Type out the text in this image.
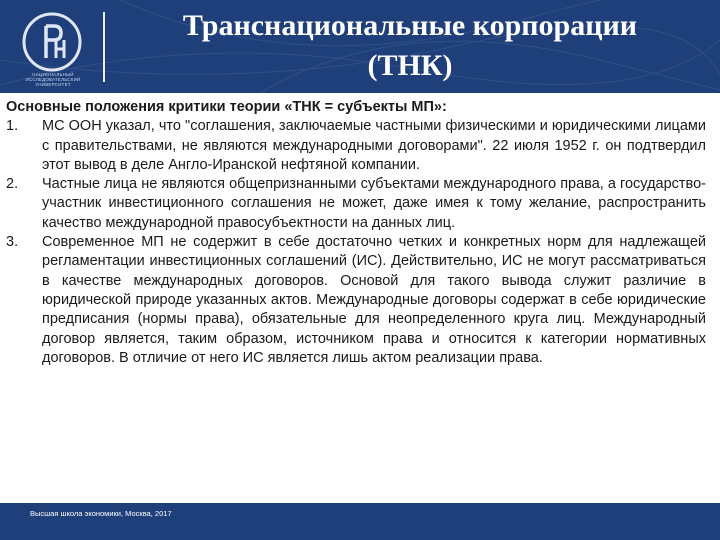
НАЦИОНАЛЬНЫЙ ИССЛЕДОВАТЕЛЬСКИЙ УНИВЕРСИТЕТ
Транснациональные корпорации
(ТНК)

Основные положения критики теории «ТНК = субъекты МП»:

1.	МС ООН указал, что "соглашения, заключаемые частными физическими и юридическими лицами с правительствами, не являются международными договорами". 22 июля 1952 г. он подтвердил этот вывод в деле Англо-Иранской нефтяной компании.
2.	Частные лица не являются общепризнанными субъектами международного права, а государство-участник инвестиционного соглашения не может, даже имея к тому желание, распространить качество международной правосубъектности на данных лиц.
3.	Современное МП не содержит в себе достаточно четких и конкретных норм для надлежащей регламентации инвестиционных соглашений (ИС). Действительно, ИС не могут рассматриваться в качестве международных договоров. Основой для такого вывода служит различие в юридической природе указанных актов. Международные договоры содержат в себе юридические предписания (нормы права), обязательные для неопределенного круга лиц. Международный договор является, таким образом, источником права и относится к категории нормативных договоров. В отличие от него ИС является лишь актом реализации права.
Высшая школа экономики, Москва, 2017
